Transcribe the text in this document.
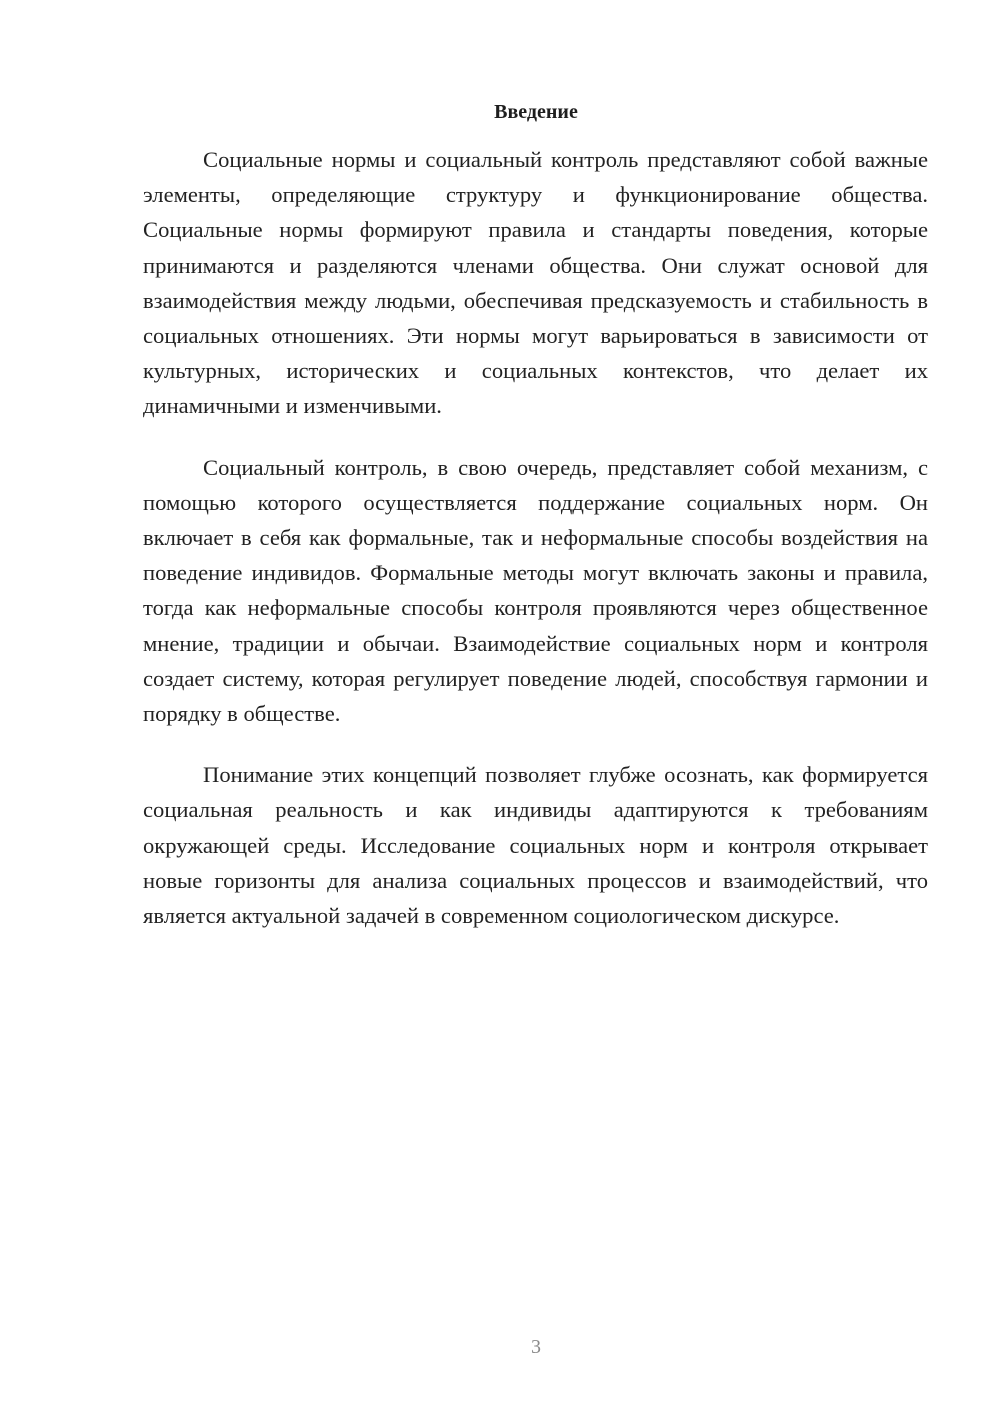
Введение

Социальные нормы и социальный контроль представляют собой важные элементы, определяющие структуру и функционирование общества. Социальные нормы формируют правила и стандарты поведения, которые принимаются и разделяются членами общества. Они служат основой для взаимодействия между людьми, обеспечивая предсказуемость и стабильность в социальных отношениях. Эти нормы могут варьироваться в зависимости от культурных, исторических и социальных контекстов, что делает их динамичными и изменчивыми.

Социальный контроль, в свою очередь, представляет собой механизм, с помощью которого осуществляется поддержание социальных норм. Он включает в себя как формальные, так и неформальные способы воздействия на поведение индивидов. Формальные методы могут включать законы и правила, тогда как неформальные способы контроля проявляются через общественное мнение, традиции и обычаи. Взаимодействие социальных норм и контроля создает систему, которая регулирует поведение людей, способствуя гармонии и порядку в обществе.

Понимание этих концепций позволяет глубже осознать, как формируется социальная реальность и как индивиды адаптируются к требованиям окружающей среды. Исследование социальных норм и контроля открывает новые горизонты для анализа социальных процессов и взаимодействий, что является актуальной задачей в современном социологическом дискурсе.

3
